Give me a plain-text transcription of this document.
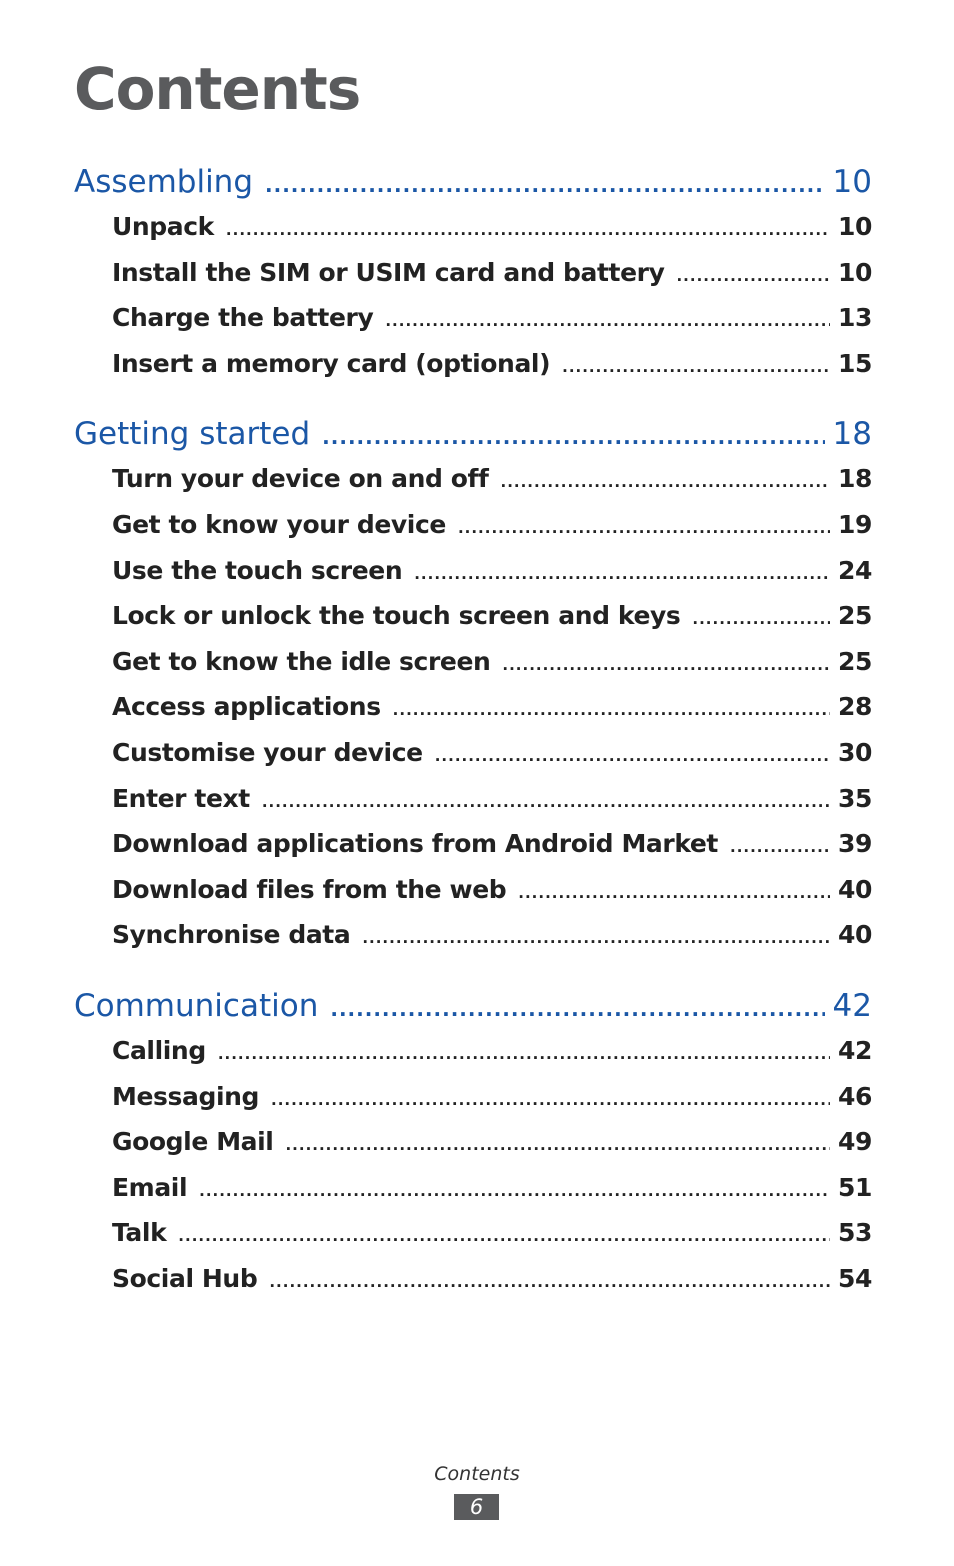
Contents
Assembling .....	10
Unpack .....	10
Install the SIM or USIM card and battery .....	10
Charge the battery .....	13
Insert a memory card (optional) .....	15
Getting started .....	18
Turn your device on and off .....	18
Get to know your device .....	19
Use the touch screen .....	24
Lock or unlock the touch screen and keys .....	25
Get to know the idle screen .....	25
Access applications .....	28
Customise your device .....	30
Enter text .....	35
Download applications from Android Market .....	39
Download files from the web .....	40
Synchronise data .....	40
Communication .....	42
Calling .....	42
Messaging .....	46
Google Mail .....	49
Email .....	51
Talk .....	53
Social Hub .....	54
Contents
6
